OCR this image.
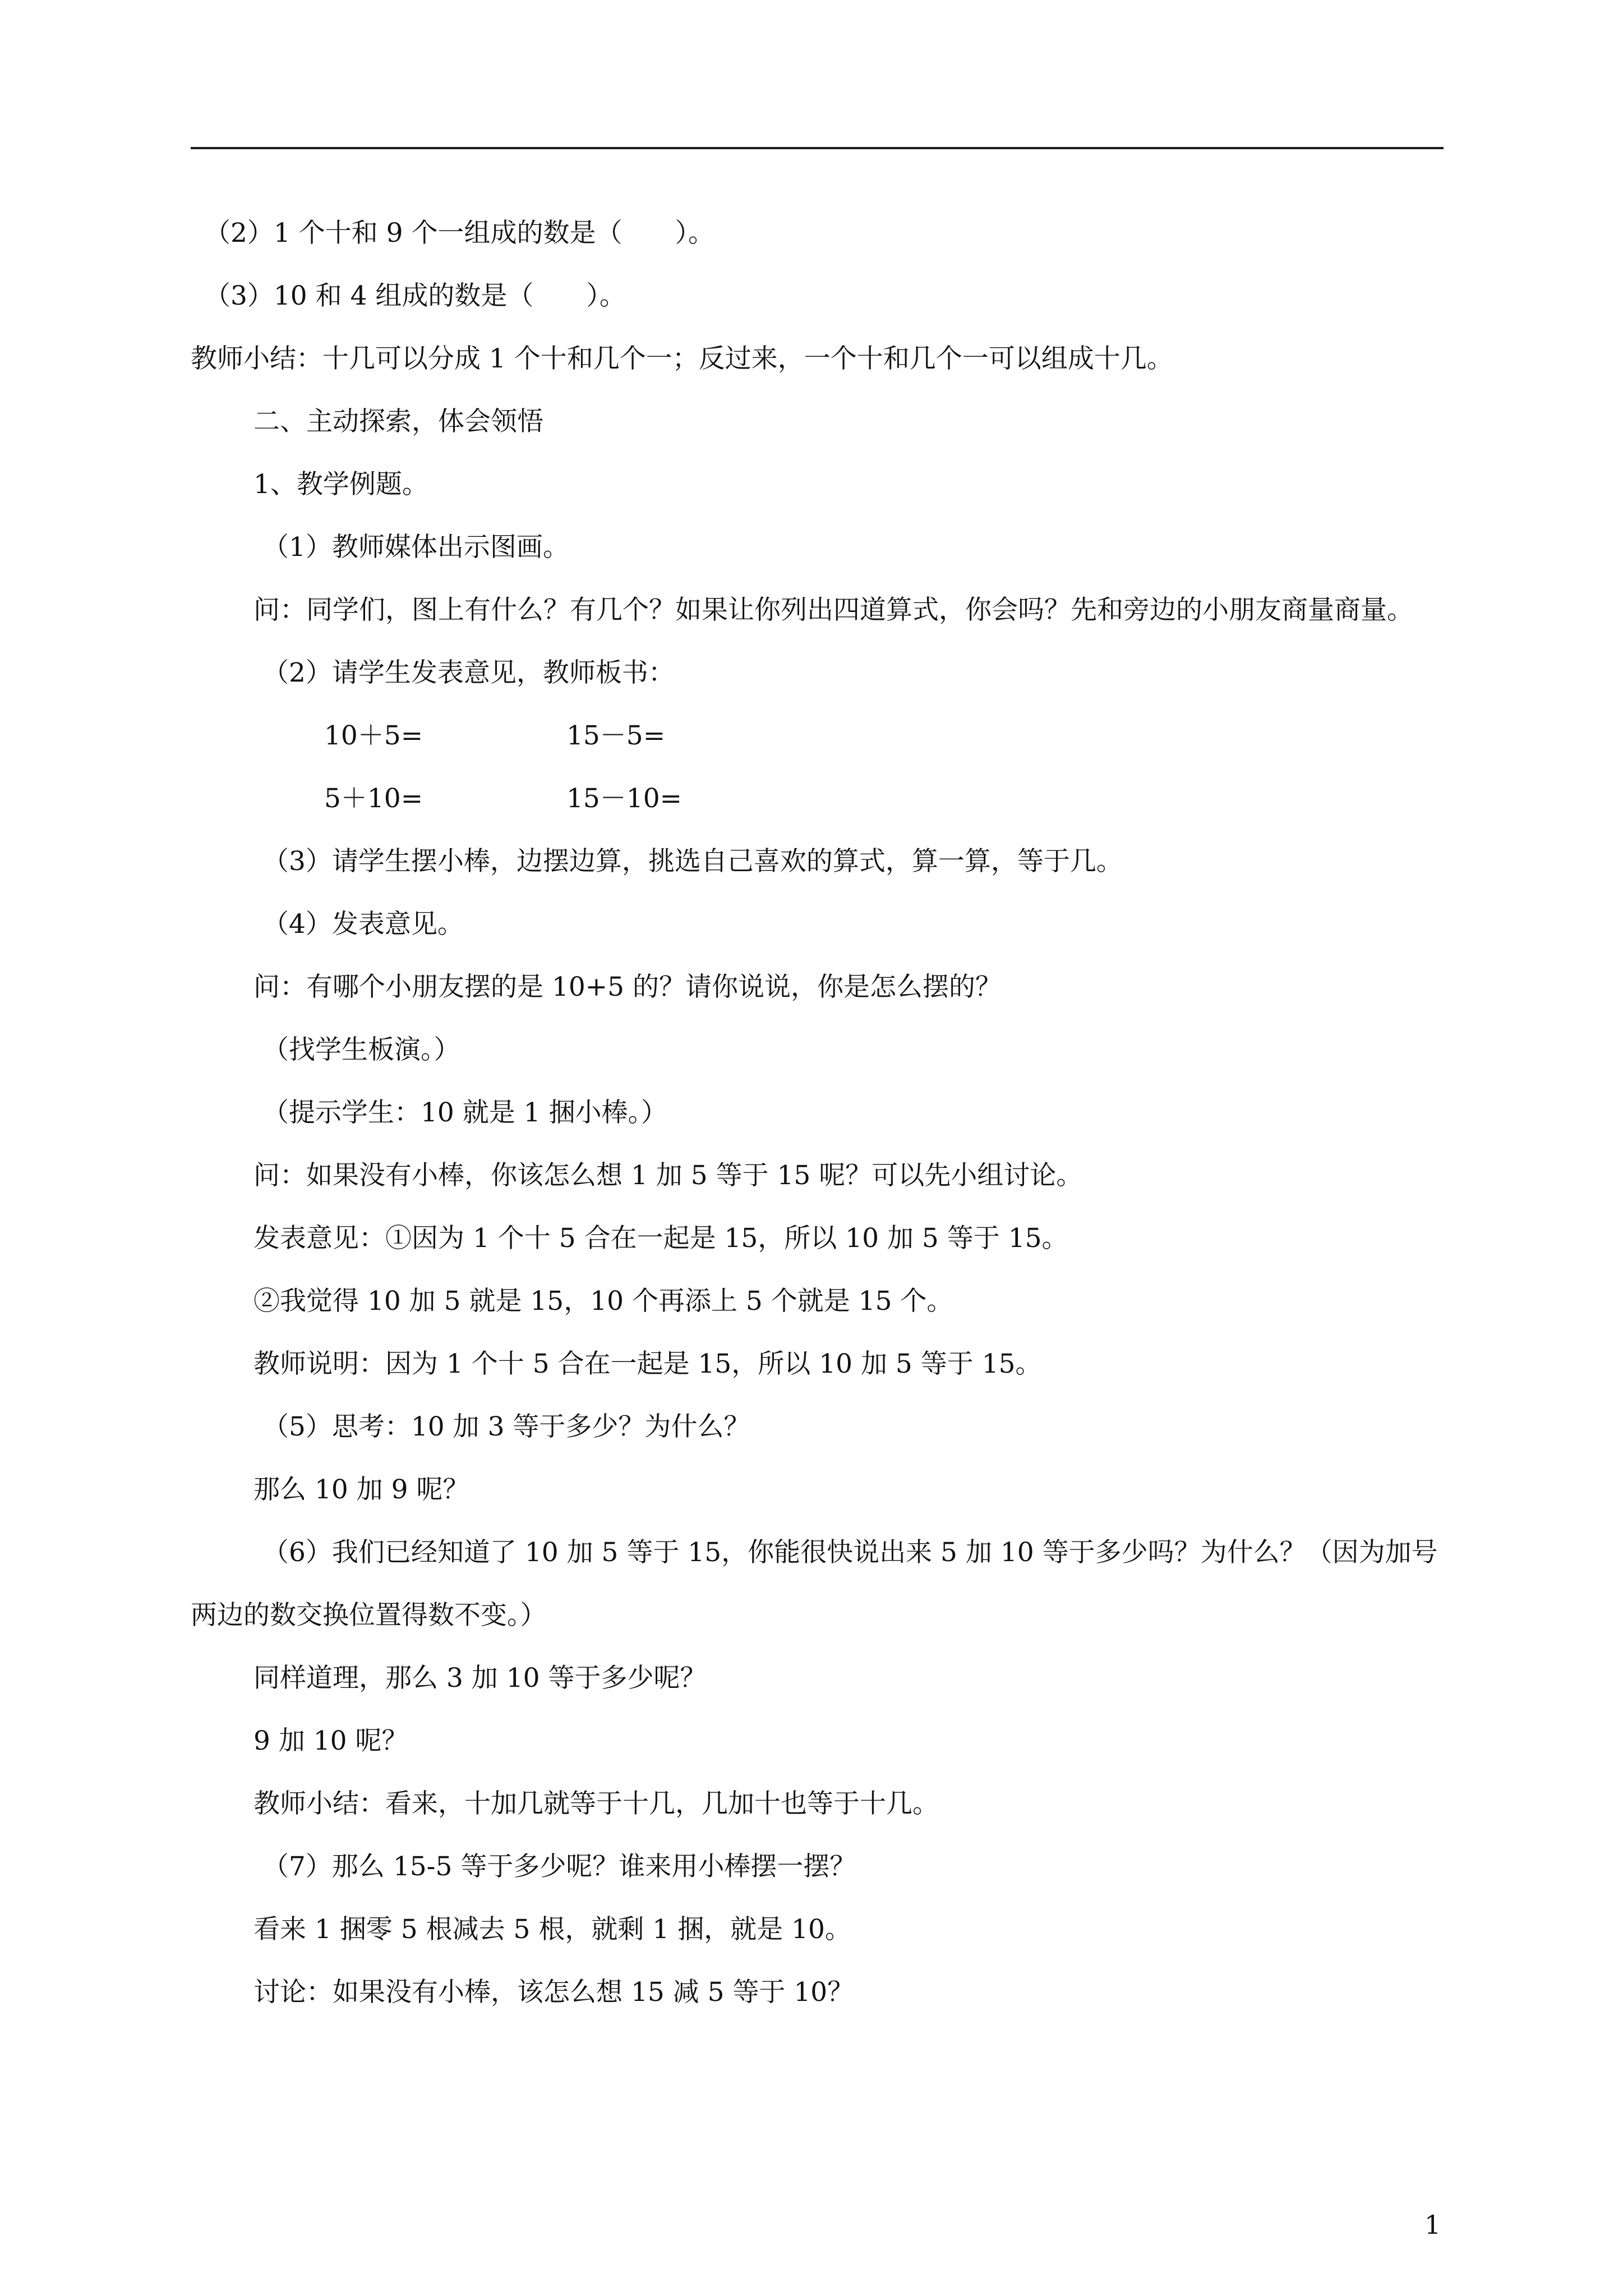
（2）1 个十和 9 个一组成的数是（　　）。
（3）10 和 4 组成的数是（　　）。
教师小结：十几可以分成 1 个十和几个一；反过来，一个十和几个一可以组成十几。
二、主动探索，体会领悟
1、教学例题。
（1）教师媒体出示图画。
问：同学们，图上有什么？有几个？如果让你列出四道算式，你会吗？先和旁边的小朋友商量商量。
（2）请学生发表意见，教师板书：
10＋5=	15－5=
5＋10=	15－10=
（3）请学生摆小棒，边摆边算，挑选自己喜欢的算式，算一算，等于几。
（4）发表意见。
问：有哪个小朋友摆的是 10+5 的？请你说说，你是怎么摆的？
（找学生板演。）
（提示学生：10 就是 1 捆小棒。）
问：如果没有小棒，你该怎么想 1 加 5 等于 15 呢？可以先小组讨论。
发表意见：①因为 1 个十 5 合在一起是 15，所以 10 加 5 等于 15。
②我觉得 10 加 5 就是 15，10 个再添上 5 个就是 15 个。
教师说明：因为 1 个十 5 合在一起是 15，所以 10 加 5 等于 15。
（5）思考：10 加 3 等于多少？为什么？
那么 10 加 9 呢？
（6）我们已经知道了 10 加 5 等于 15，你能很快说出来 5 加 10 等于多少吗？为什么？（因为加号两边的数交换位置得数不变。）
同样道理，那么 3 加 10 等于多少呢？
9 加 10 呢？
教师小结：看来，十加几就等于十几，几加十也等于十几。
（7）那么 15-5 等于多少呢？谁来用小棒摆一摆？
看来 1 捆零 5 根减去 5 根，就剩 1 捆，就是 10。
讨论：如果没有小棒，该怎么想 15 减 5 等于 10？
1
